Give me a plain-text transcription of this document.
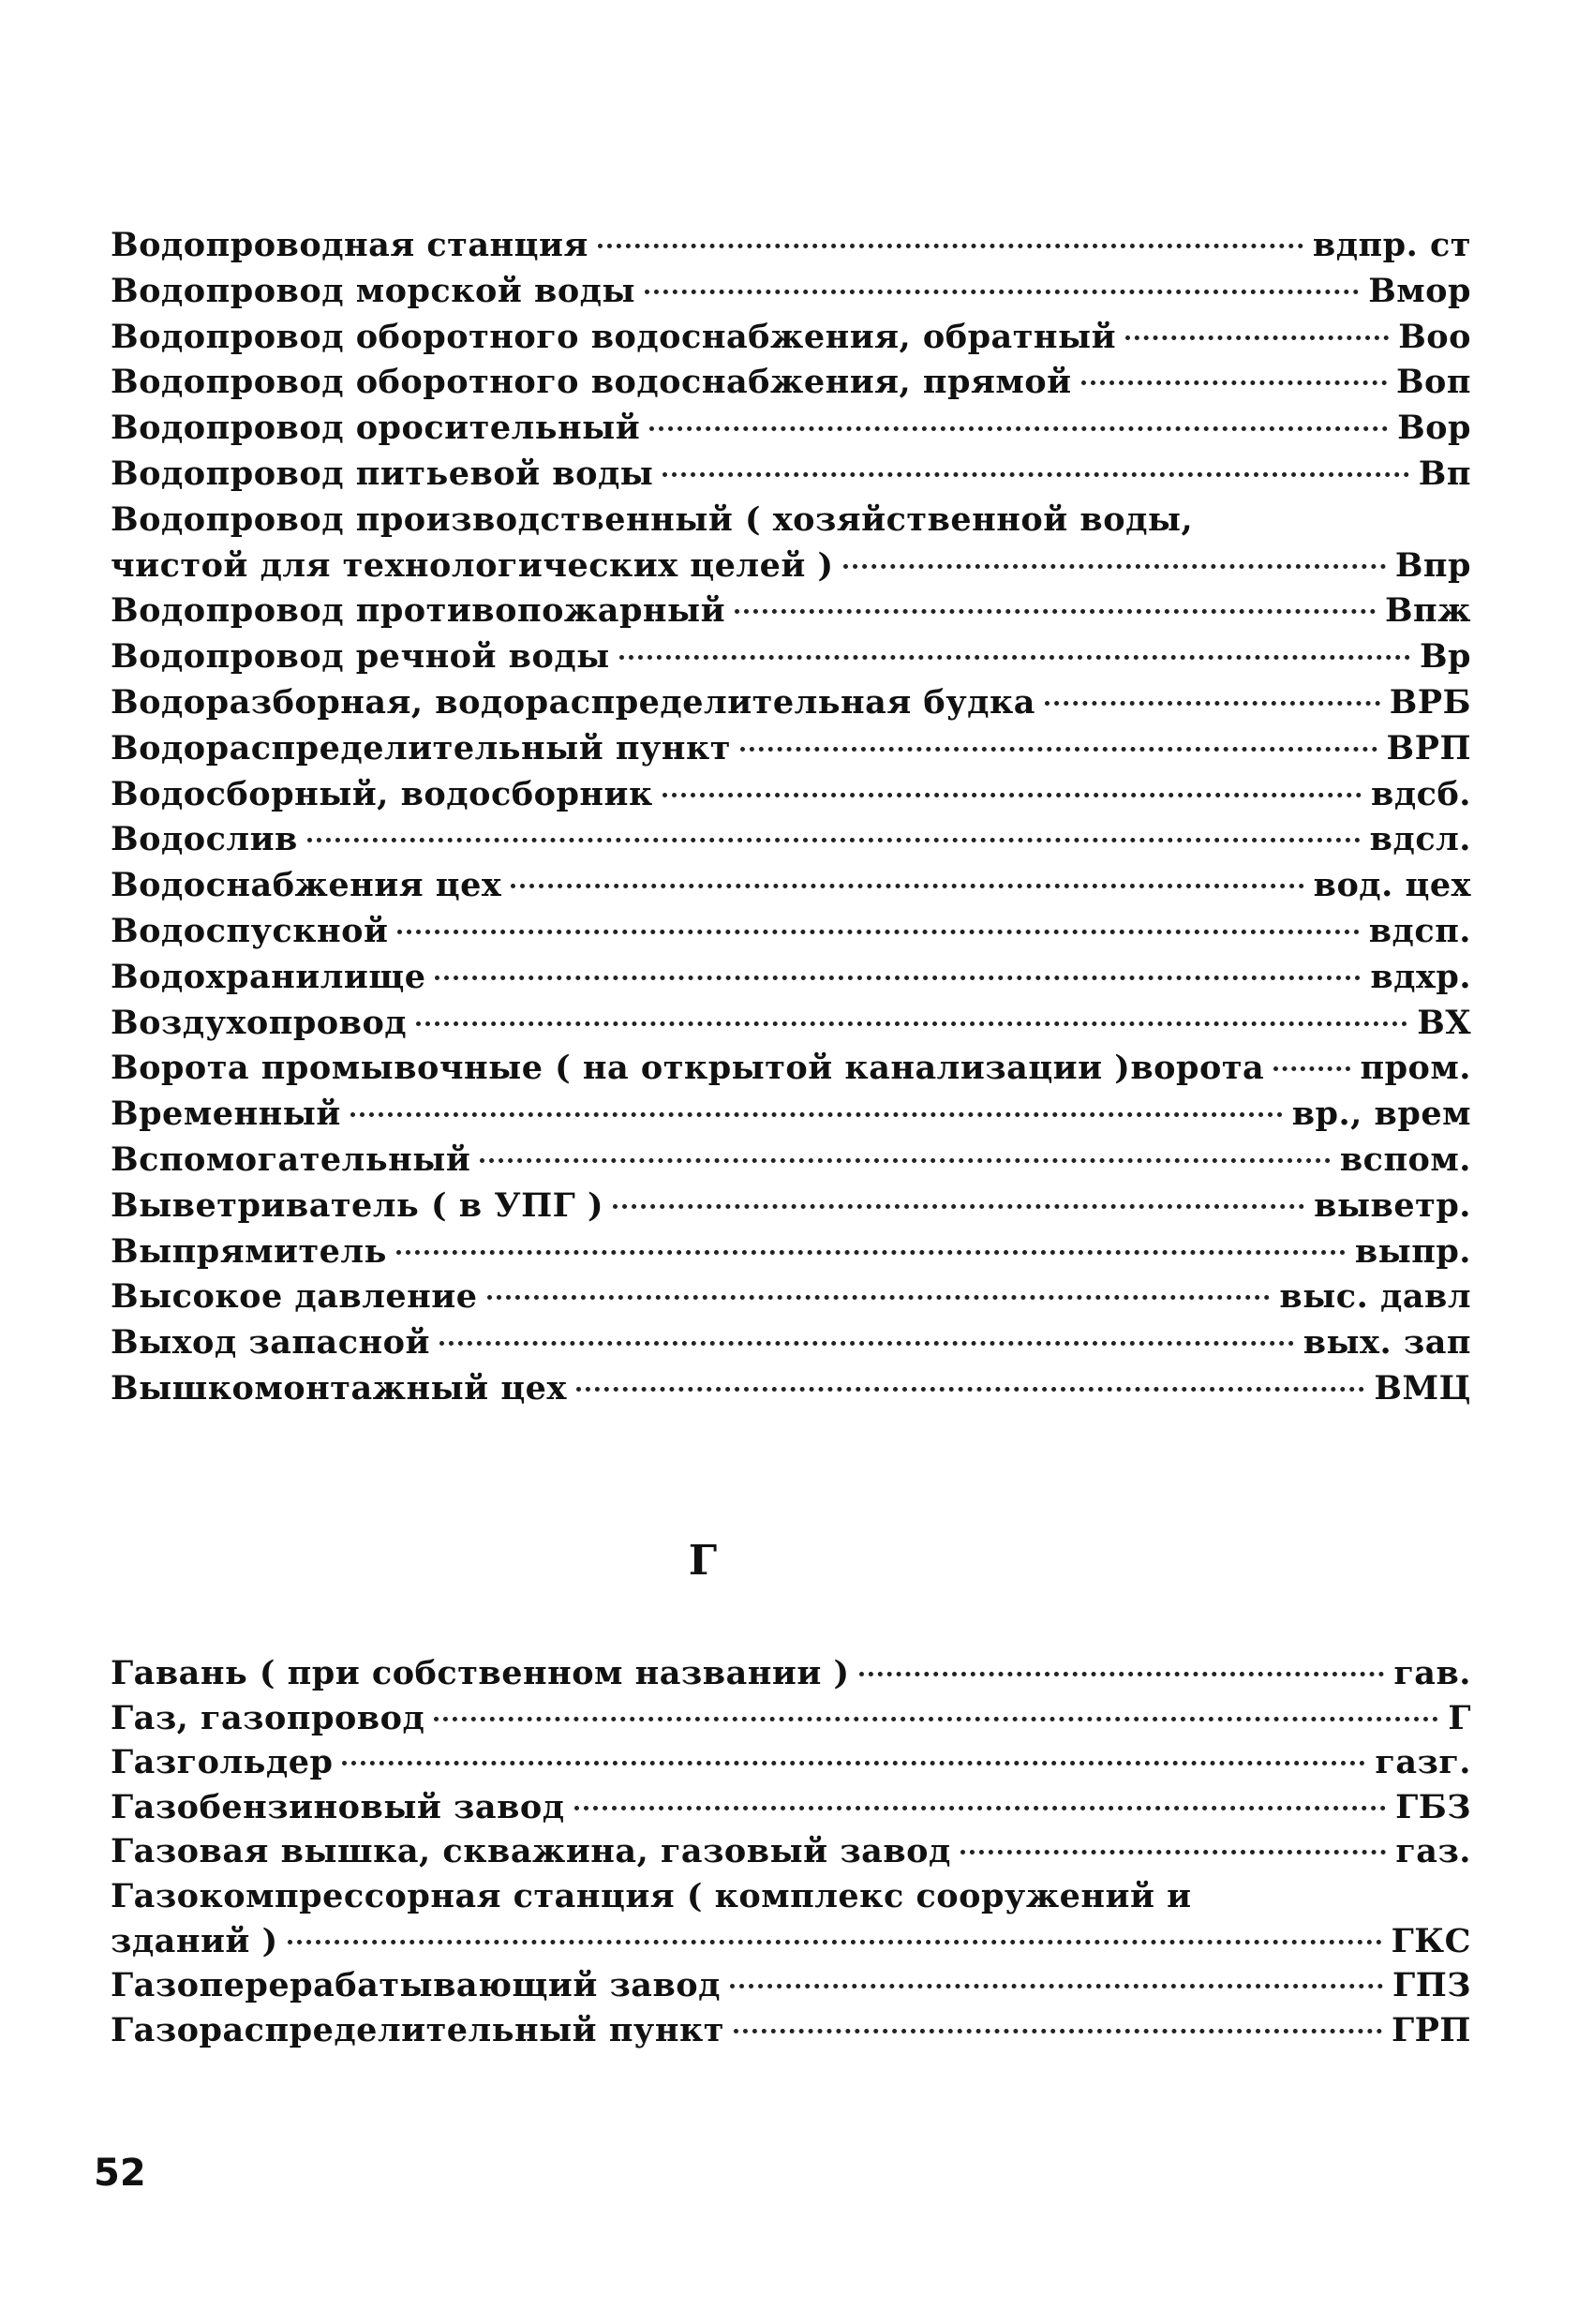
Водопроводная станция	вдпр. ст
Водопровод морской воды	Вмор
Водопровод оборотного водоснабжения, обратный	Воо
Водопровод оборотного водоснабжения, прямой	Воп
Водопровод оросительный	Вор
Водопровод питьевой воды	Вп
Водопровод производственный ( хозяйственной воды,
чистой для технологических целей )	Впр
Водопровод противопожарный	Впж
Водопровод речной воды	Вр
Водоразборная, водораспределительная будка	ВРБ
Водораспределительный пункт	ВРП
Водосборный, водосборник	вдсб.
Водослив	вдсл.
Водоснабжения цех	вод. цех
Водоспускной	вдсп.
Водохранилище	вдхр.
Воздухопровод	ВХ
Ворота промывочные ( на открытой канализации )ворота	пром.
Временный	вр., врем
Вспомогательный	вспом.
Выветриватель ( в УПГ )	выветр.
Выпрямитель	выпр.
Высокое давление	выс. давл
Выход запасной	вых. зап
Вышкомонтажный цех	ВМЦ
Г
Гавань ( при собственном названии )	гав.
Газ, газопровод	Г
Газгольдер	газг.
Газобензиновый завод	ГБЗ
Газовая вышка, скважина, газовый завод	газ.
Газокомпрессорная станция ( комплекс сооружений и
зданий )	ГКС
Газоперерабатывающий завод	ГПЗ
Газораспределительный пункт	ГРП
52
